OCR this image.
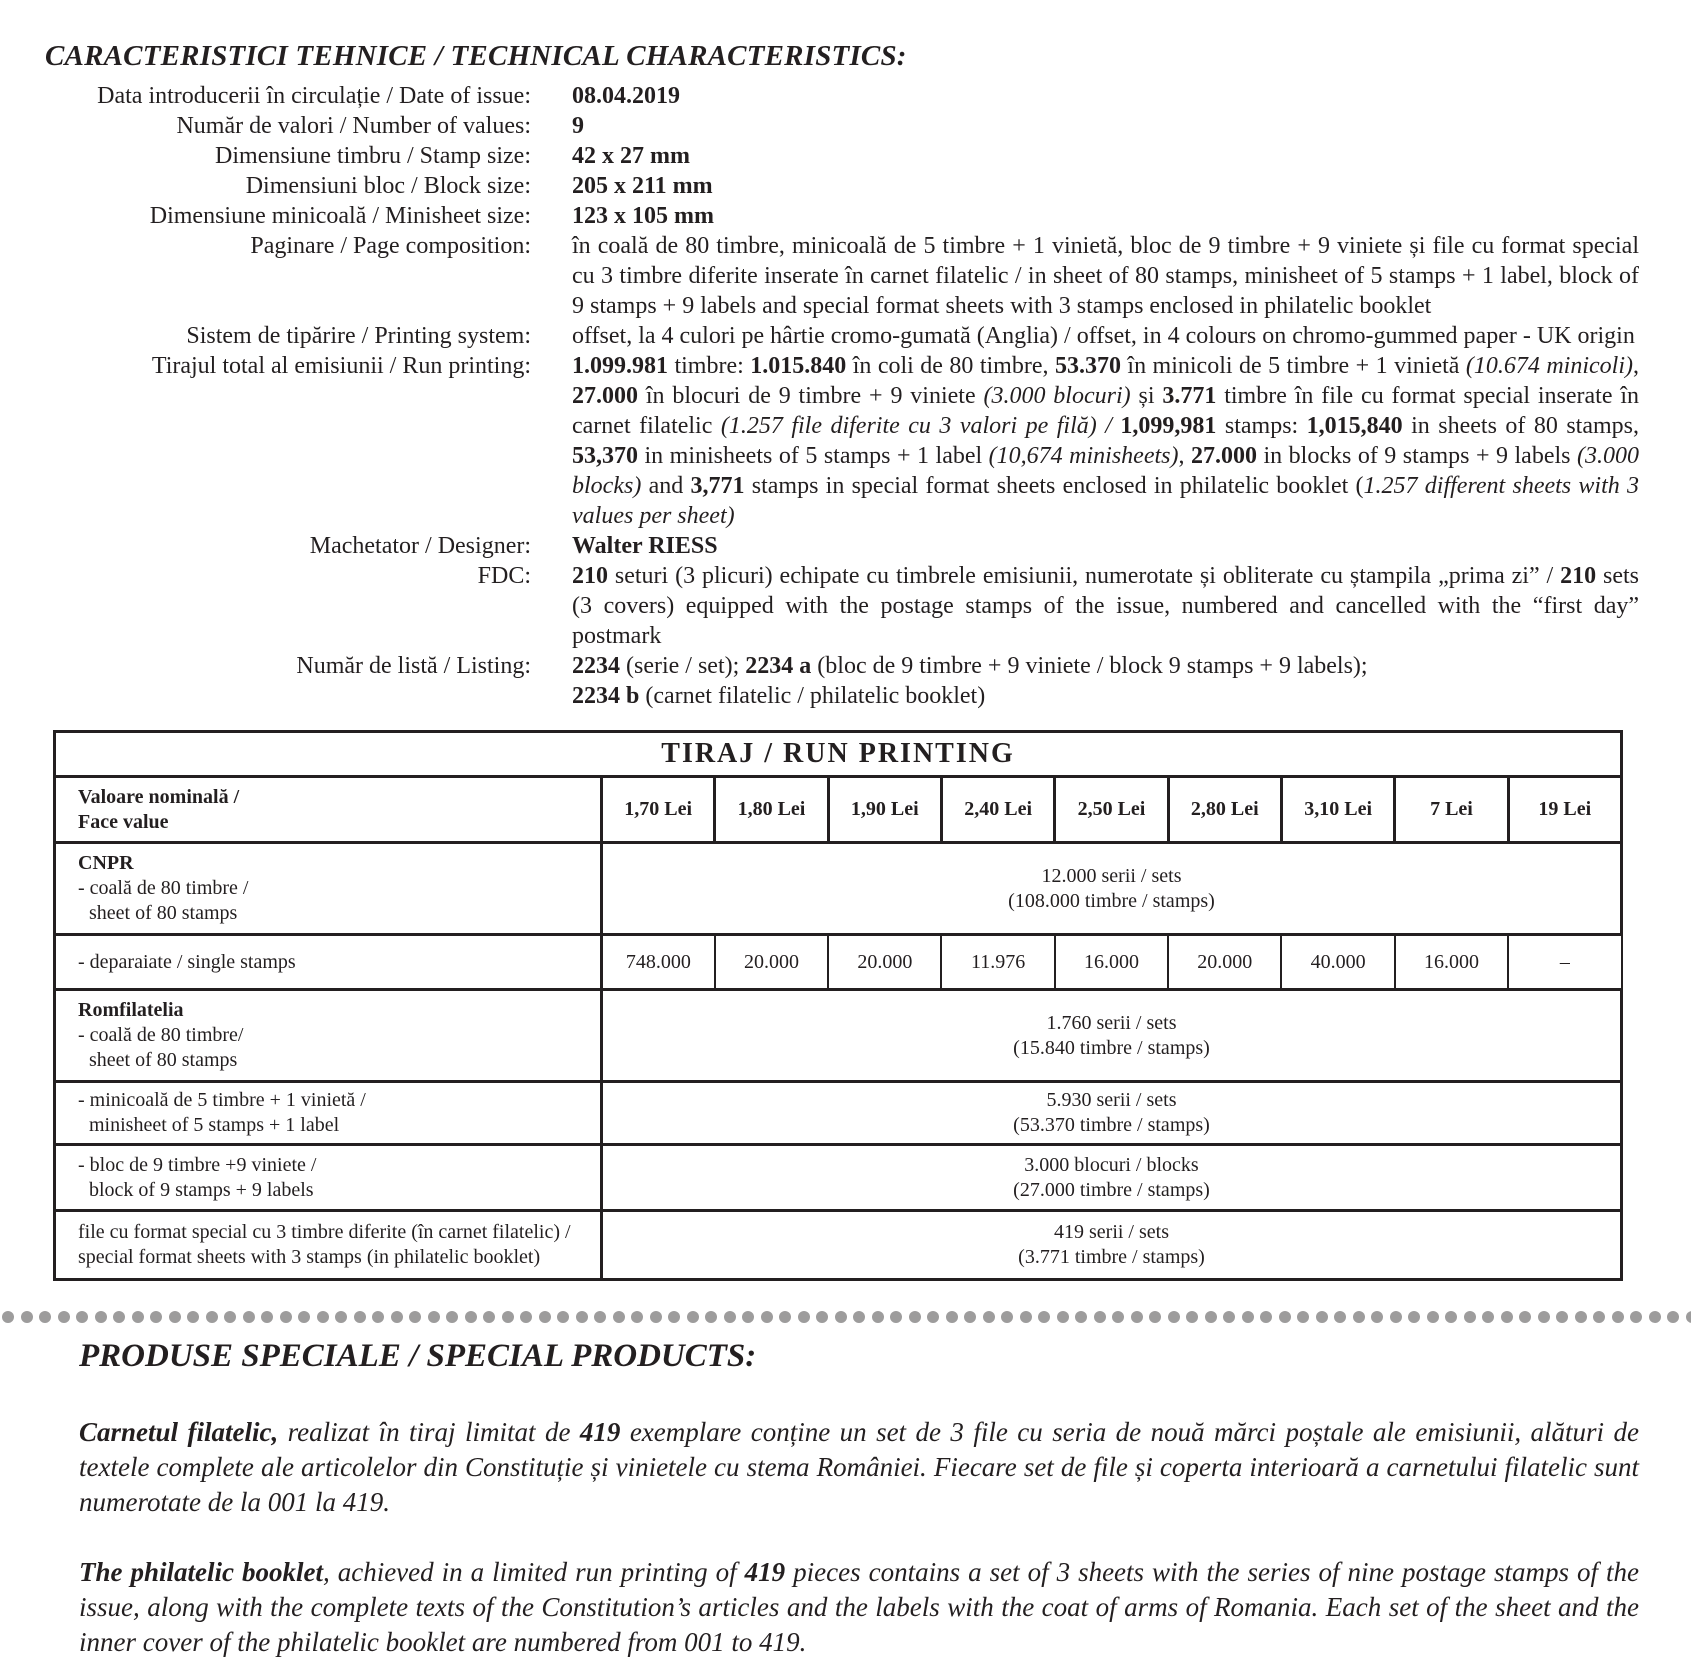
CARACTERISTICI TEHNICE / TECHNICAL CHARACTERISTICS:
Data introducerii în circulație / Date of issue: 08.04.2019
Număr de valori / Number of values: 9
Dimensiune timbru / Stamp size: 42 x 27 mm
Dimensiuni bloc / Block size: 205 x 211 mm
Dimensiune minicoală / Minisheet size: 123 x 105 mm
Paginare / Page composition: în coală de 80 timbre, minicoală de 5 timbre + 1 vinietă, bloc de 9 timbre + 9 viniete și file cu format special cu 3 timbre diferite inserate în carnet filatelic / in sheet of 80 stamps, minisheet of 5 stamps + 1 label, block of 9 stamps + 9 labels and special format sheets with 3 stamps enclosed in philatelic booklet
Sistem de tipărire / Printing system: offset, la 4 culori pe hârtie cromo-gumată (Anglia) / offset, in 4 colours on chromo-gummed paper - UK origin
Tirajul total al emisiunii / Run printing: 1.099.981 timbre: 1.015.840 în coli de 80 timbre, 53.370 în minicoli de 5 timbre + 1 vinietă (10.674 minicoli), 27.000 în blocuri de 9 timbre + 9 viniete (3.000 blocuri) și 3.771 timbre în file cu format special inserate în carnet filatelic (1.257 file diferite cu 3 valori pe filă) / 1,099,981 stamps: 1,015,840 in sheets of 80 stamps, 53,370 in minisheets of 5 stamps + 1 label (10,674 minisheets), 27.000 in blocks of 9 stamps + 9 labels (3.000 blocks) and 3,771 stamps in special format sheets enclosed in philatelic booklet (1.257 different sheets with 3 values per sheet)
Machetator / Designer: Walter RIESS
FDC: 210 seturi (3 plicuri) echipate cu timbrele emisiunii, numerotate și obliterate cu ștampila „prima zi” / 210 sets (3 covers) equipped with the postage stamps of the issue, numbered and cancelled with the “first day” postmark
Număr de listă / Listing: 2234 (serie / set); 2234 a (bloc de 9 timbre + 9 viniete / block 9 stamps + 9 labels);
2234 b (carnet filatelic / philatelic booklet)
TIRAJ / RUN PRINTING									
Valoare nominală /
Face value	1,70 Lei	1,80 Lei	1,90 Lei	2,40 Lei	2,50 Lei	2,80 Lei	3,10 Lei	7 Lei	19 Lei
CNPR
- coală de 80 timbre /
sheet of 80 stamps	12.000 serii / sets
(108.000 timbre / stamps)								
- deparaiate / single stamps	748.000	20.000	20.000	11.976	16.000	20.000	40.000	16.000	–
Romfilatelia
- coală de 80 timbre/
sheet of 80 stamps	1.760 serii / sets
(15.840 timbre / stamps)								
- minicoală de 5 timbre + 1 vinietă /
minisheet of 5 stamps + 1 label	5.930 serii / sets
(53.370 timbre / stamps)								
- bloc de 9 timbre +9 viniete /
block of 9 stamps + 9 labels	3.000 blocuri / blocks
(27.000 timbre / stamps)								
file cu format special cu 3 timbre diferite (în carnet filatelic) /
special format sheets with 3 stamps (in philatelic booklet)	419 serii / sets
(3.771 timbre / stamps)								
PRODUSE SPECIALE / SPECIAL PRODUCTS:
Carnetul filatelic, realizat în tiraj limitat de 419 exemplare conține un set de 3 file cu seria de nouă mărci poștale ale emisiunii, alături de textele complete ale articolelor din Constituție și vinietele cu stema României. Fiecare set de file și coperta interioară a carnetului filatelic sunt numerotate de la 001 la 419.
The philatelic booklet, achieved in a limited run printing of 419 pieces contains a set of 3 sheets with the series of nine postage stamps of the issue, along with the complete texts of the Constitution’s articles and the labels with the coat of arms of Romania. Each set of the sheet and the inner cover of the philatelic booklet are numbered from 001 to 419.
